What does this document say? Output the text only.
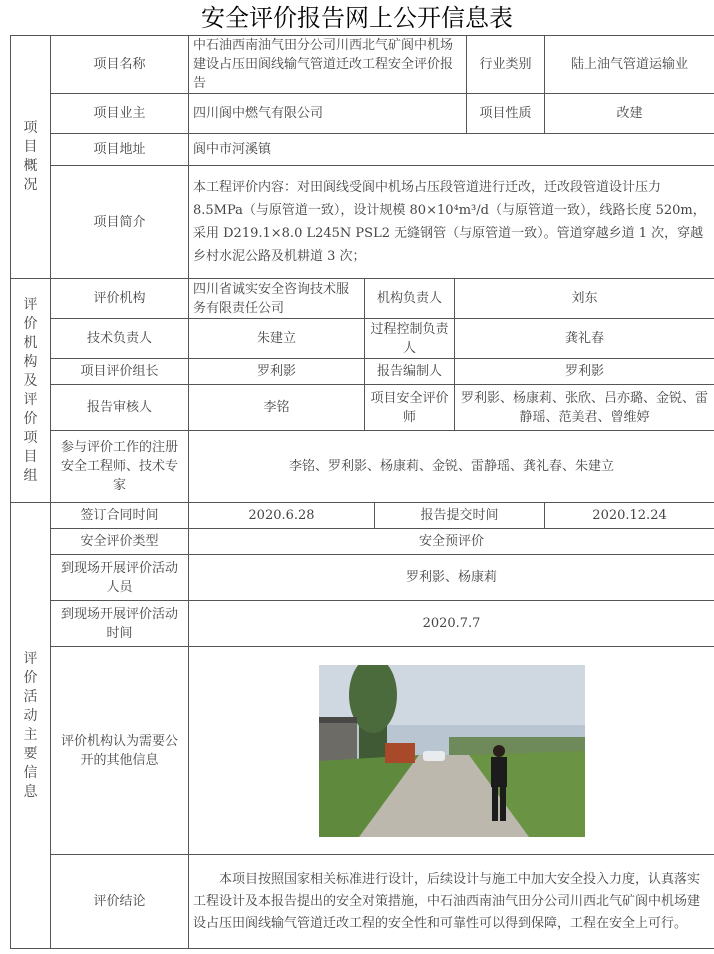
安全评价报告网上公开信息表
项目概况	项目名称	中石油西南油气田分公司川西北气矿阆中机场建设占压田阆线输气管道迁改工程安全评价报告				行业类别	陆上油气管道运输业
	项目业主	四川阆中燃气有限公司				项目性质	改建
	项目地址	阆中市河溪镇					
	项目简介	本工程评价内容：对田阆线受阆中机场占压段管道进行迁改，迁改段管道设计压力 8.5MPa（与原管道一致），设计规模 80×10⁴m³/d（与原管道一致），线路长度 520m，采用 D219.1×8.0 L245N PSL2 无缝钢管（与原管道一致）。管道穿越乡道 1 次，穿越乡村水泥公路及机耕道 3 次；					

评价机构及评价项目组	评价机构	四川省诚实安全咨询技术服务有限责任公司	机构负责人		刘东		
	技术负责人	朱建立	过程控制负责人		龚礼春		
	项目评价组长	罗利影	报告编制人		罗利影		
	报告审核人	李铭	项目安全评价师		罗利影、杨康莉、张欣、吕亦璐、金锐、雷静瑶、范美君、曾维婷		
	参与评价工作的注册安全工程师、技术专家	李铭、罗利影、杨康莉、金锐、雷静瑶、龚礼春、朱建立					

评价活动主要信息	签订合同时间	2020.6.28		报告提交时间			2020.12.24
	安全评价类型	安全预评价					
	到现场开展评价活动人员	罗利影、杨康莉					
	到现场开展评价活动时间	2020.7.7					
	评价机构认为需要公开的其他信息	

	评价结论	本项目按照国家相关标准进行设计，后续设计与施工中加大安全投入力度，认真落实工程设计及本报告提出的安全对策措施，中石油西南油气田分公司川西北气矿阆中机场建设占压田阆线输气管道迁改工程的安全性和可靠性可以得到保障，工程在安全上可行。					
